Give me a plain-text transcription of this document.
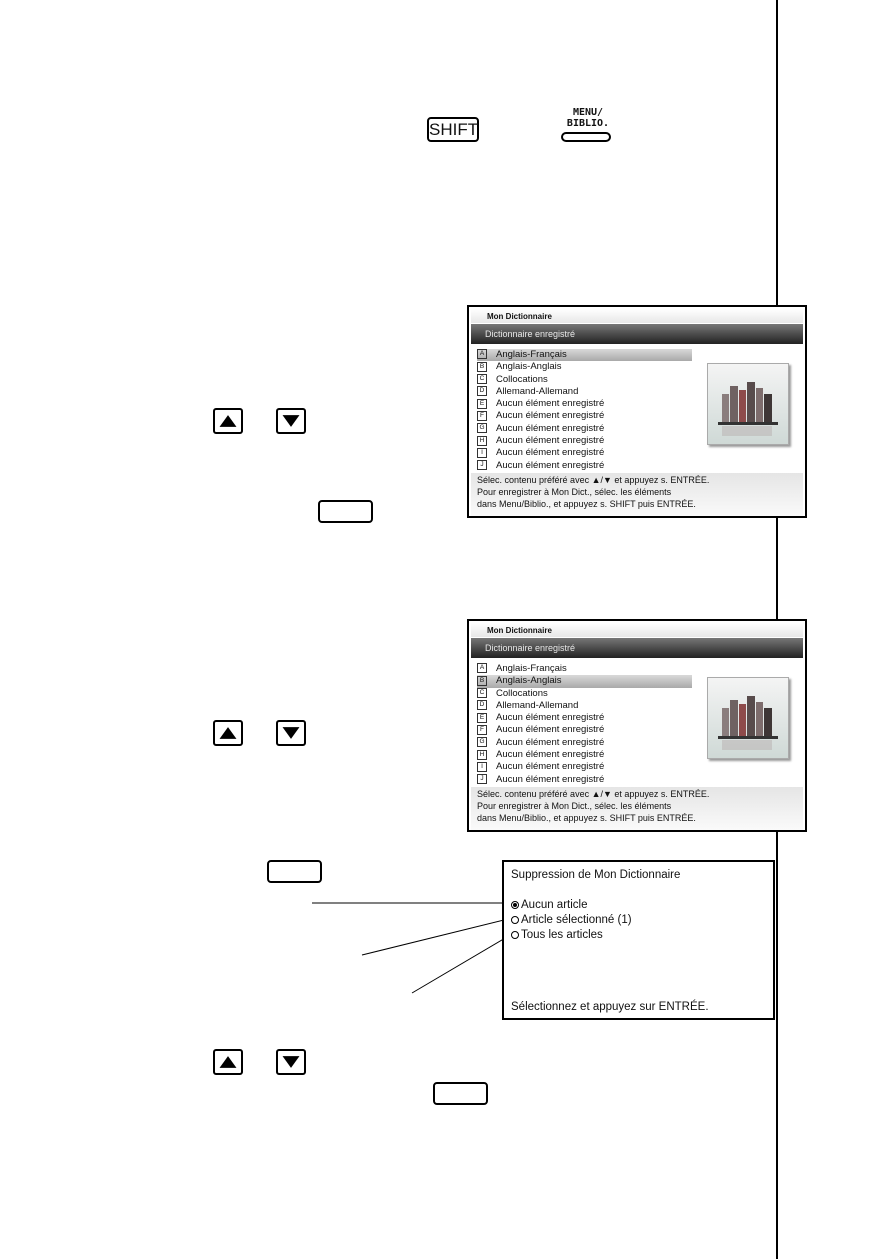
SHIFT
MENU/
BIBLIO.
Mon Dictionnaire
Dictionnaire enregistré
A Anglais-Français
B Anglais-Anglais
C Collocations
D Allemand-Allemand
E Aucun élément enregistré
F Aucun élément enregistré
G Aucun élément enregistré
H Aucun élément enregistré
I Aucun élément enregistré
J Aucun élément enregistré
Sélec. contenu préféré avec ▲/▼ et appuyez s. ENTRÉE.
Pour enregistrer à Mon Dict., sélec. les éléments
dans Menu/Biblio., et appuyez s. SHIFT puis ENTRÉE.
Mon Dictionnaire
Dictionnaire enregistré
A Anglais-Français
B Anglais-Anglais
C Collocations
D Allemand-Allemand
E Aucun élément enregistré
F Aucun élément enregistré
G Aucun élément enregistré
H Aucun élément enregistré
I Aucun élément enregistré
J Aucun élément enregistré
Sélec. contenu préféré avec ▲/▼ et appuyez s. ENTRÉE.
Pour enregistrer à Mon Dict., sélec. les éléments
dans Menu/Biblio., et appuyez s. SHIFT puis ENTRÉE.
Suppression de Mon Dictionnaire
Aucun article
Article sélectionné (1)
Tous les articles
Sélectionnez et appuyez sur ENTRÉE.
